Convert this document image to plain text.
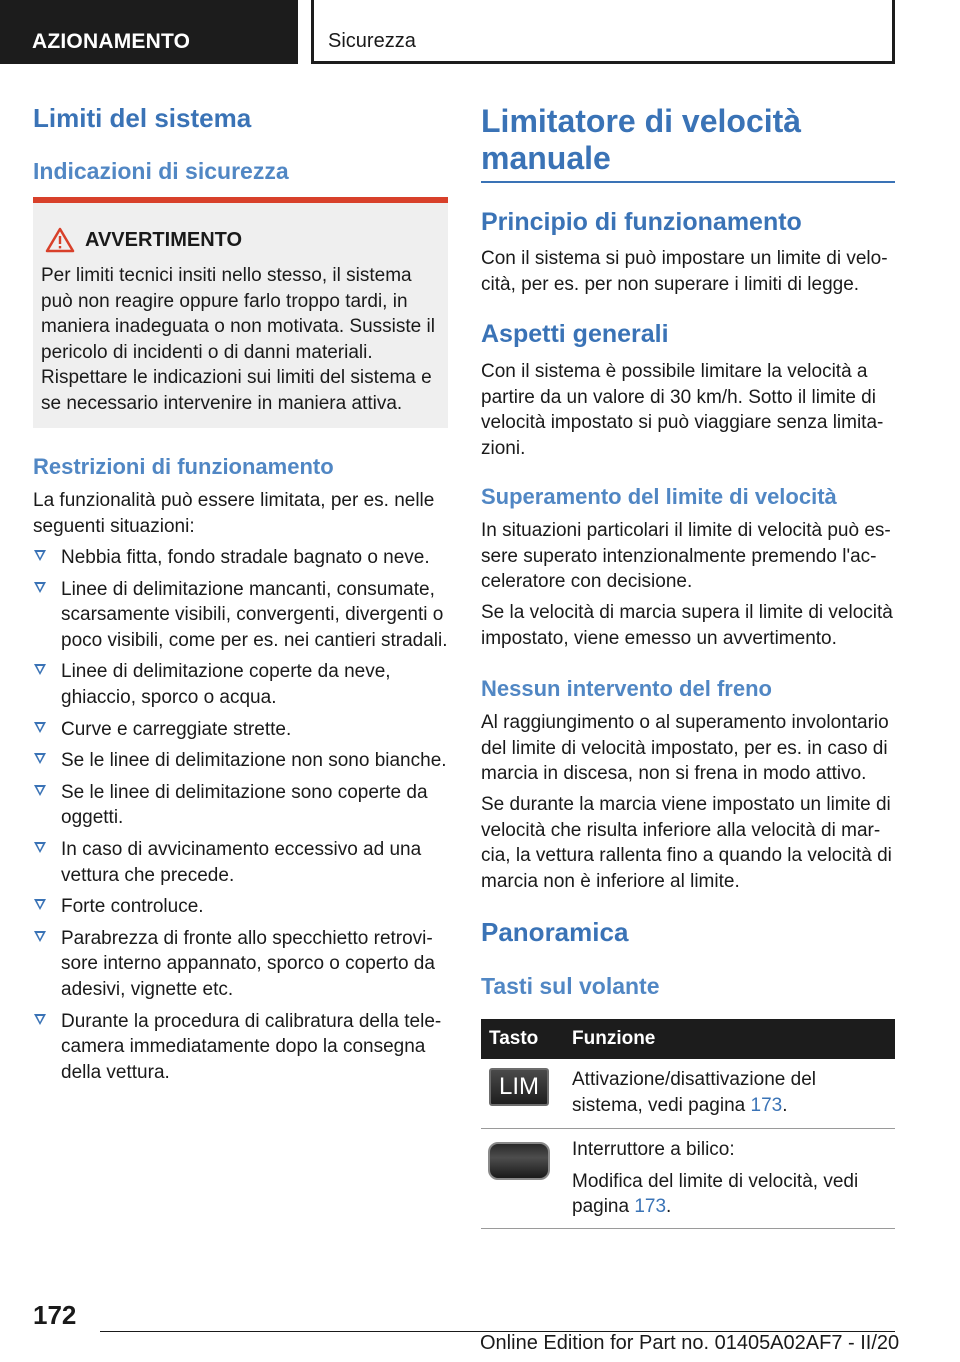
AZIONAMENTO	Sicurezza
Limiti del sistema
Indicazioni di sicurezza
AVVERTIMENTO

Per limiti tecnici insiti nello stesso, il sistema può non reagire oppure farlo troppo tardi, in maniera inadeguata o non motivata. Sussiste il pericolo di incidenti o di danni materiali. Rispettare le indicazioni sui limiti del sistema e se necessario intervenire in maniera attiva.

Restrizioni di funzionamento

La funzionalità può essere limitata, per es. nelle seguenti situazioni:

Nebbia fitta, fondo stradale bagnato o neve.
Linee di delimitazione mancanti, consumate, scarsamente visibili, convergenti, divergenti o poco visibili, come per es. nei cantieri stradali.
Linee di delimitazione coperte da neve, ghiaccio, sporco o acqua.
Curve e carreggiate strette.
Se le linee di delimitazione non sono bianche.
Se le linee di delimitazione sono coperte da oggetti.
In caso di avvicinamento eccessivo ad una vettura che precede.
Forte controluce.
Parabrezza di fronte allo specchietto retrovisore interno appannato, sporco o coperto da adesivi, vignette etc.
Durante la procedura di calibratura della telecamera immediatamente dopo la consegna della vettura.
Limitatore di velocità manuale
Principio di funzionamento

Con il sistema si può impostare un limite di velocità, per es. per non superare i limiti di legge.

Aspetti generali

Con il sistema è possibile limitare la velocità a partire da un valore di 30 km/h. Sotto il limite di velocità impostato si può viaggiare senza limitazioni.

Superamento del limite di velocità

In situazioni particolari il limite di velocità può essere superato intenzionalmente premendo l'acceleratore con decisione.

Se la velocità di marcia supera il limite di velocità impostato, viene emesso un avvertimento.

Nessun intervento del freno

Al raggiungimento o al superamento involontario del limite di velocità impostato, per es. in caso di marcia in discesa, non si frena in modo attivo.

Se durante la marcia viene impostato un limite di velocità che risulta inferiore alla velocità di marcia, la vettura rallenta fino a quando la velocità di marcia non è inferiore al limite.

Panoramica
Tasti sul volante
Tasto	Funzione

LIM	Attivazione/disattivazione del sistema, vedi pagina 173.

	Interruttore a bilico:
Modifica del limite di velocità, vedi pagina 173.
172
Online Edition for Part no. 01405A02AF7 - II/20
